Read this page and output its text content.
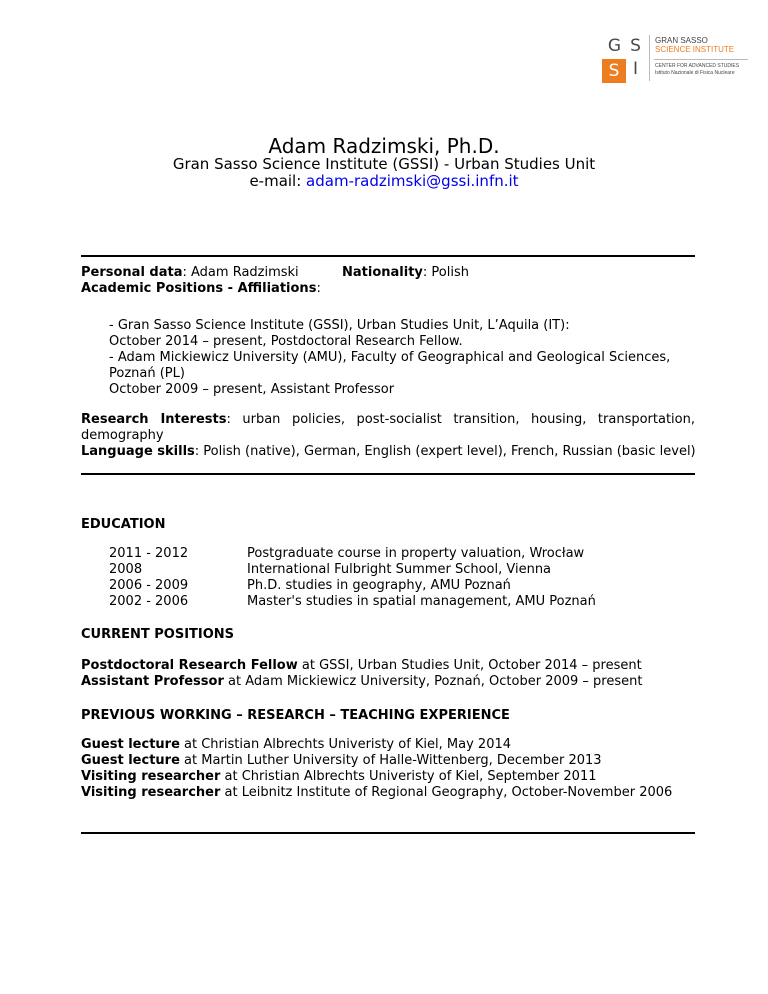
G S
S I
GRAN SASSO
SCIENCE INSTITUTE
CENTER FOR ADVANCED STUDIES
Istituto Nazionale di Fisica Nucleare
Adam Radzimski, Ph.D.
Gran Sasso Science Institute (GSSI) - Urban Studies Unit
e-mail: adam-radzimski@gssi.infn.it
Personal data: Adam Radzimski	Nationality: Polish
Academic Positions - Affiliations:
- Gran Sasso Science Institute (GSSI), Urban Studies Unit, L’Aquila (IT):
October 2014 – present, Postdoctoral Research Fellow.
- Adam Mickiewicz University (AMU), Faculty of Geographical and Geological Sciences,
Poznań (PL)
October 2009 – present, Assistant Professor
Research Interests: urban policies, post-socialist transition, housing, transportation,
demography
Language skills: Polish (native), German, English (expert level), French, Russian (basic level)
EDUCATION
2011 - 2012	Postgraduate course in property valuation, Wrocław
2008	International Fulbright Summer School, Vienna
2006 - 2009	Ph.D. studies in geography, AMU Poznań
2002 - 2006	Master's studies in spatial management, AMU Poznań
CURRENT POSITIONS
Postdoctoral Research Fellow at GSSI, Urban Studies Unit, October 2014 – present
Assistant Professor at Adam Mickiewicz University, Poznań, October 2009 – present
PREVIOUS WORKING – RESEARCH – TEACHING EXPERIENCE
Guest lecture at Christian Albrechts Univeristy of Kiel, May 2014
Guest lecture at Martin Luther University of Halle-Wittenberg, December 2013
Visiting researcher at Christian Albrechts Univeristy of Kiel, September 2011
Visiting researcher at Leibnitz Institute of Regional Geography, October-November 2006
